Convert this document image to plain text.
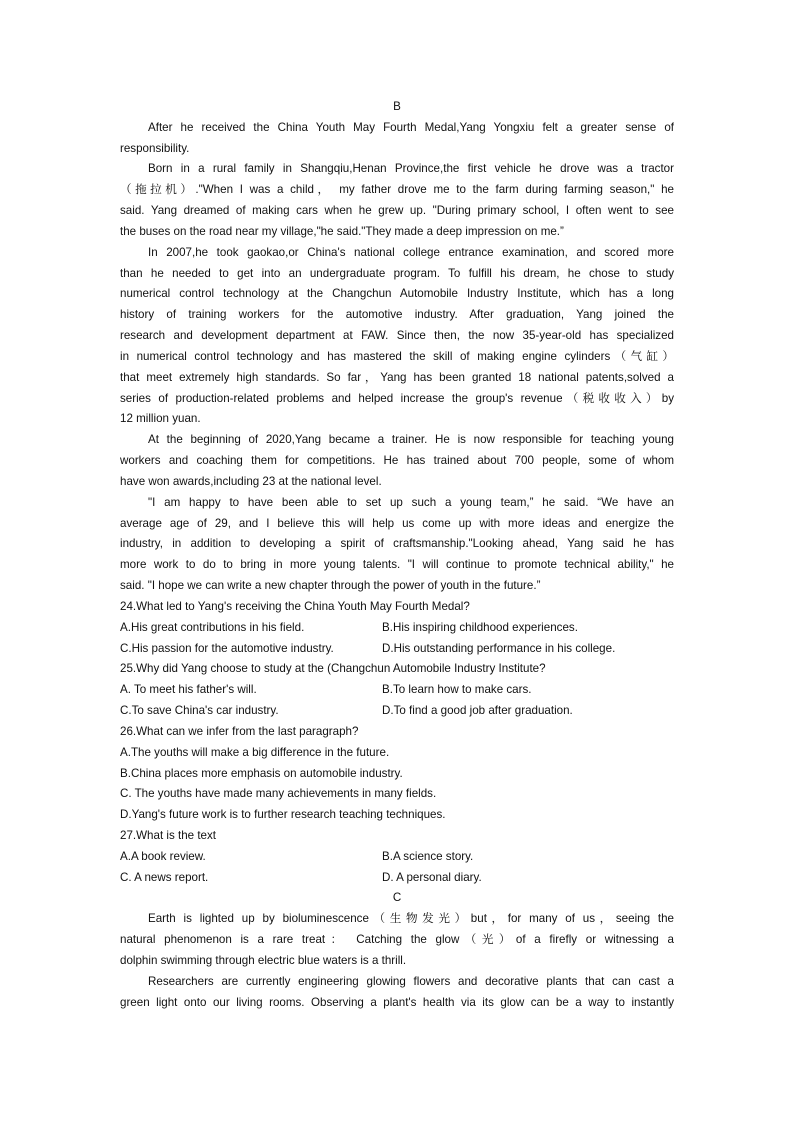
B
After he received the China Youth May Fourth Medal,Yang Yongxiu felt a greater sense of
responsibility.
Born in a rural family in Shangqiu,Henan Province,the first vehicle he drove was a tractor
（拖拉机）."When I was a child， my father drove me to the farm during farming season," he
said. Yang dreamed of making cars when he grew up. "During primary school, I often went to see
the buses on the road near my village,"he said."They made a deep impression on me.”
In 2007,he took gaokao,or China's national college entrance examination, and scored more
than he needed to get into an undergraduate program. To fulfill his dream, he chose to study
numerical control technology at the Changchun Automobile Industry Institute, which has a long
history of training workers for the automotive industry. After graduation, Yang joined the
research and development department at FAW. Since then, the now 35-year-old has specialized
in numerical control technology and has mastered the skill of making engine cylinders（气缸）
that meet extremely high standards. So far，Yang has been granted 18 national patents,solved a
series of production-related problems and helped increase the group's revenue（税收收入）by
12 million yuan.
At the beginning of 2020,Yang became a trainer. He is now responsible for teaching young
workers and coaching them for competitions. He has trained about 700 people, some of whom
have won awards,including 23 at the national level.
"I am happy to have been able to set up such a young team,” he said. “We have an
average age of 29, and I believe this will help us come up with more ideas and energize the
industry, in addition to developing a spirit of craftsmanship."Looking ahead, Yang said he has
more work to do to bring in more young talents. "I will continue to promote technical ability," he
said. "I hope we can write a new chapter through the power of youth in the future.”
24.What led to Yang's receiving the China Youth May Fourth Medal?
A.His great contributions in his field.	B.His inspiring childhood experiences.
C.His passion for the automotive industry.	D.His outstanding performance in his college.
25.Why did Yang choose to study at the (Changchun Automobile Industry Institute?
A. To meet his father's will.	B.To learn how to make cars.
C.To save China's car industry.	D.To find a good job after graduation.
26.What can we infer from the last paragraph?
A.The youths will make a big difference in the future.
B.China places more emphasis on automobile industry.
C. The youths have made many achievements in many fields.
D.Yang's future work is to further research teaching techniques.
27.What is the text
A.A book review.	B.A science story.
C. A news report.	D. A personal diary.
C
Earth is lighted up by bioluminescence（生物发光）but，for many of us，seeing the
natural phenomenon is a rare treat： Catching the glow（光）of a firefly or witnessing a
dolphin swimming through electric blue waters is a thrill.
Researchers are currently engineering glowing flowers and decorative plants that can cast a
green light onto our living rooms. Observing a plant's health via its glow can be a way to instantly
